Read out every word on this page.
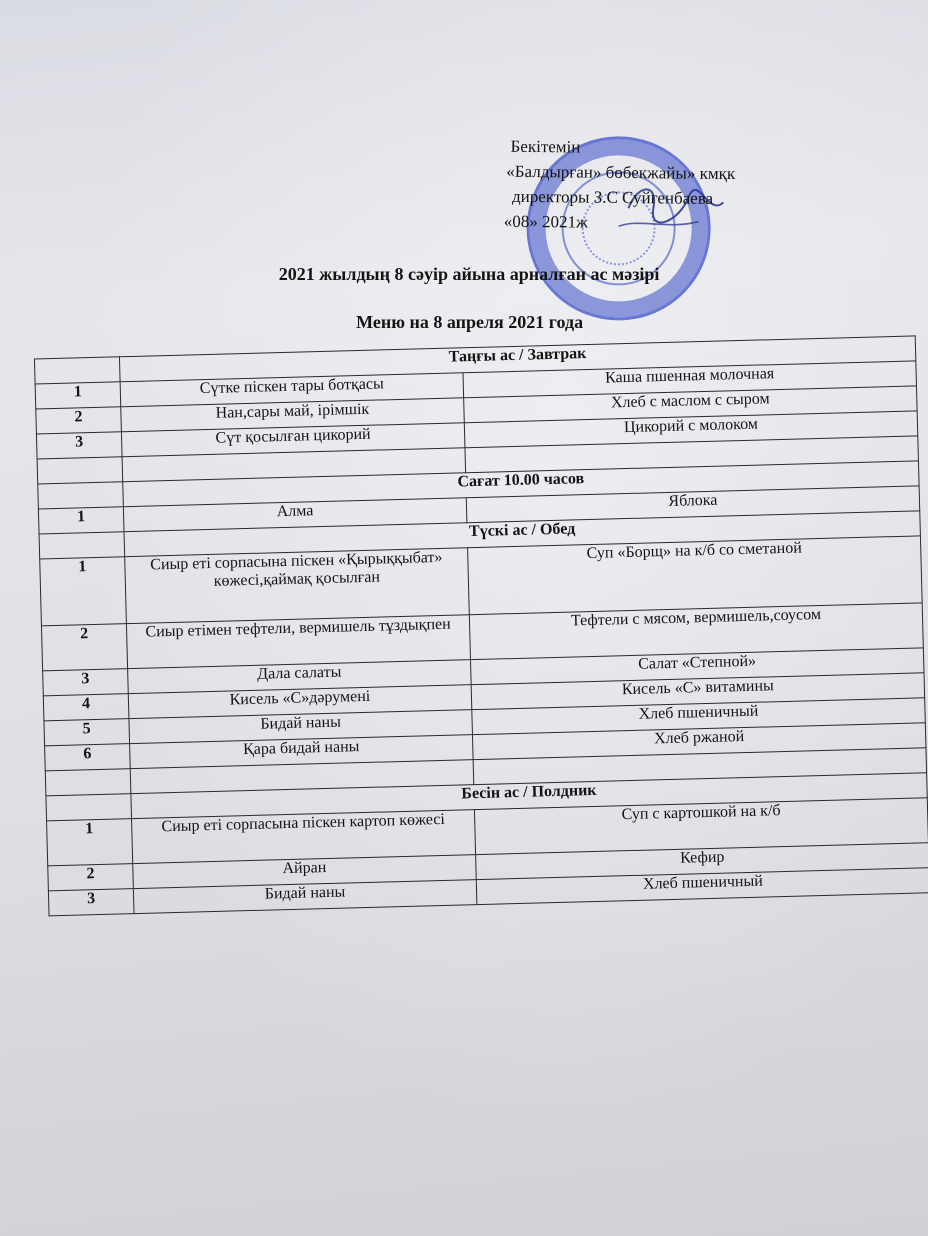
Бекітемін
«Балдырған» бөбекжайы» кмқк
директоры З.С Суйгенбаева
«08» 2021ж
2021 жылдың 8 сәуір айына арналған ас мәзірі
Меню на 8 апреля 2021 года
	Таңғы ас / Завтрак	
1	Сүтке піскен тары ботқасы	Каша пшенная молочная
2	Нан,сары май, ірімшік	Хлеб с маслом с сыром
3	Сүт қосылған цикорий	Цикорий с молоком

	Сағат 10.00 часов	
1	Алма	Яблока
	Түскі ас / Обед	
1	Сиыр еті сорпасына піскен «Қырыққыбат» көжесі,қаймақ қосылған	Суп «Борщ» на к/б со сметаной
2	Сиыр етімен тефтели, вермишель тұздықпен	Тефтели с мясом, вермишель,соусом
3	Дала салаты	Салат «Степной»
4	Кисель «С»дәрумені	Кисель «С» витамины
5	Бидай наны	Хлеб пшеничный
6	Қара бидай наны	Хлеб ржаной

	Бесін ас / Полдник	
1	Сиыр еті сорпасына піскен картоп көжесі	Суп с картошкой на к/б
2	Айран	Кефир
3	Бидай наны	Хлеб пшеничный
